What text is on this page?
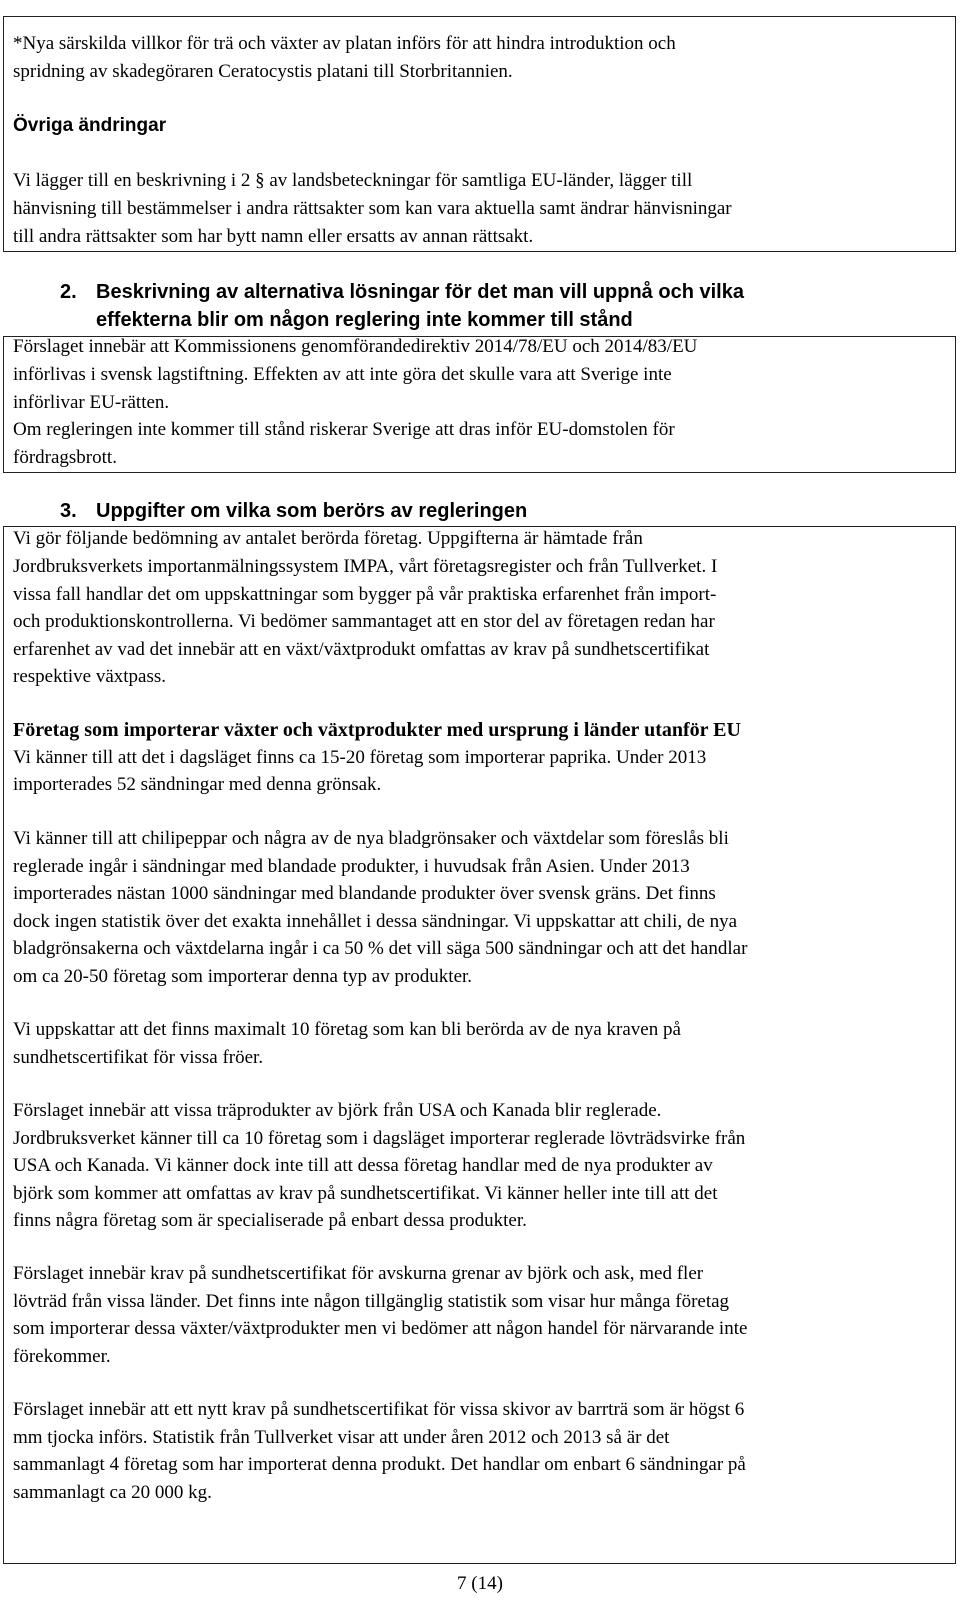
*Nya särskilda villkor för trä och växter av platan införs för att hindra introduktion och
spridning av skadegöraren Ceratocystis platani till Storbritannien.
Övriga ändringar
Vi lägger till en beskrivning i 2 § av landsbeteckningar för samtliga EU-länder, lägger till
hänvisning till bestämmelser i andra rättsakter som kan vara aktuella samt ändrar hänvisningar
till andra rättsakter som har bytt namn eller ersatts av annan rättsakt.
2. Beskrivning av alternativa lösningar för det man vill uppnå och vilka
effekterna blir om någon reglering inte kommer till stånd
Förslaget innebär att Kommissionens genomförandedirektiv 2014/78/EU och 2014/83/EU
införlivas i svensk lagstiftning. Effekten av att inte göra det skulle vara att Sverige inte
införlivar EU-rätten.
Om regleringen inte kommer till stånd riskerar Sverige att dras inför EU-domstolen för
fördragsbrott.
3. Uppgifter om vilka som berörs av regleringen
Vi gör följande bedömning av antalet berörda företag. Uppgifterna är hämtade från
Jordbruksverkets importanmälningssystem IMPA, vårt företagsregister och från Tullverket. I
vissa fall handlar det om uppskattningar som bygger på vår praktiska erfarenhet från import-
och produktionskontrollerna. Vi bedömer sammantaget att en stor del av företagen redan har
erfarenhet av vad det innebär att en växt/växtprodukt omfattas av krav på sundhetscertifikat
respektive växtpass.
Företag som importerar växter och växtprodukter med ursprung i länder utanför EU
Vi känner till att det i dagsläget finns ca 15-20 företag som importerar paprika. Under 2013
importerades 52 sändningar med denna grönsak.
Vi känner till att chilipeppar och några av de nya bladgrönsaker och växtdelar som föreslås bli
reglerade ingår i sändningar med blandade produkter, i huvudsak från Asien. Under 2013
importerades nästan 1000 sändningar med blandande produkter över svensk gräns. Det finns
dock ingen statistik över det exakta innehållet i dessa sändningar. Vi uppskattar att chili, de nya
bladgrönsakerna och växtdelarna ingår i ca 50 % det vill säga 500 sändningar och att det handlar
om ca 20-50 företag som importerar denna typ av produkter.
Vi uppskattar att det finns maximalt 10 företag som kan bli berörda av de nya kraven på
sundhetscertifikat för vissa fröer.
Förslaget innebär att vissa träprodukter av björk från USA och Kanada blir reglerade.
Jordbruksverket känner till ca 10 företag som i dagsläget importerar reglerade lövträdsvirke från
USA och Kanada. Vi känner dock inte till att dessa företag handlar med de nya produkter av
björk som kommer att omfattas av krav på sundhetscertifikat. Vi känner heller inte till att det
finns några företag som är specialiserade på enbart dessa produkter.
Förslaget innebär krav på sundhetscertifikat för avskurna grenar av björk och ask, med fler
lövträd från vissa länder. Det finns inte någon tillgänglig statistik som visar hur många företag
som importerar dessa växter/växtprodukter men vi bedömer att någon handel för närvarande inte
förekommer.
Förslaget innebär att ett nytt krav på sundhetscertifikat för vissa skivor av barrträ som är högst 6
mm tjocka införs. Statistik från Tullverket visar att under åren 2012 och 2013 så är det
sammanlagt 4 företag som har importerat denna produkt. Det handlar om enbart 6 sändningar på
sammanlagt ca 20 000 kg.
7 (14)
